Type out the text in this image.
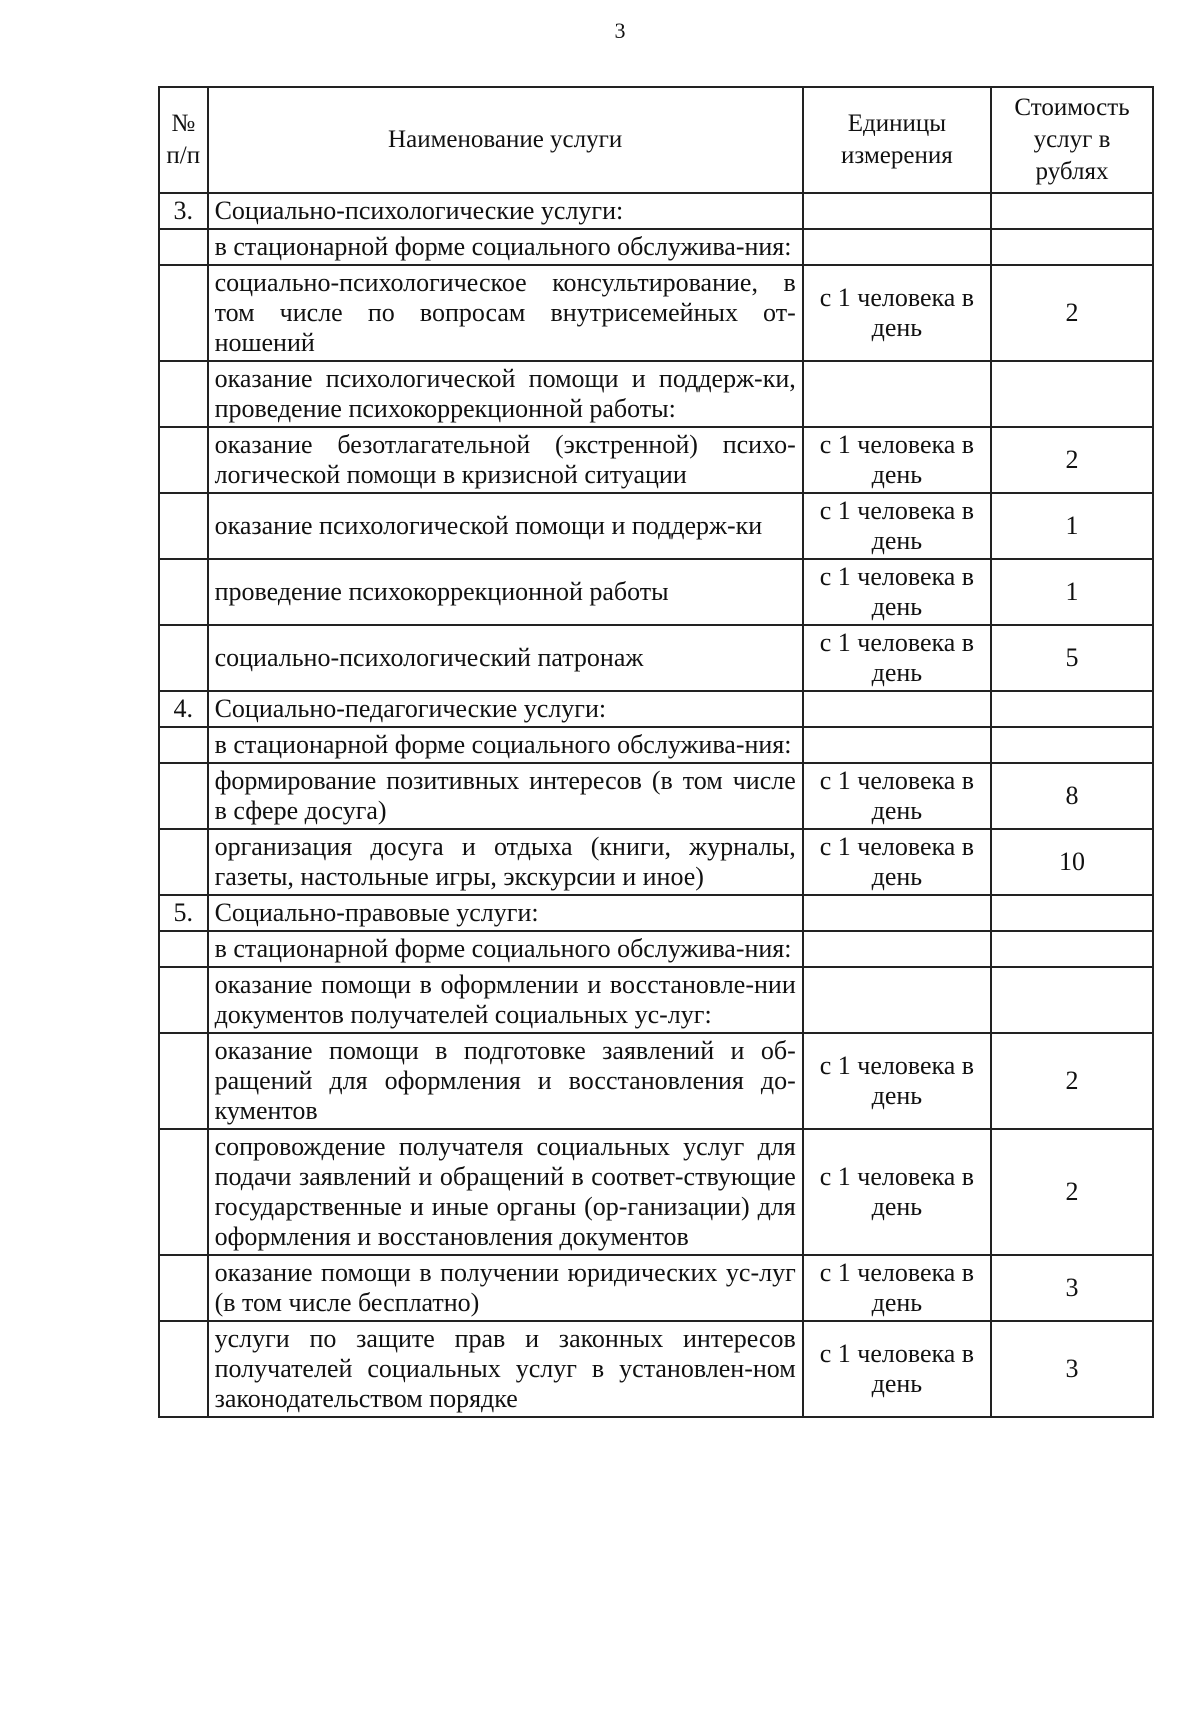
3
№ п/п	Наименование услуги	Единицы измерения	Стоимость услуг в рублях
3.	Социально-психологические услуги:		
	в стационарной форме социального обслужива-ния:		
	социально-психологическое консультирование, в том числе по вопросам внутрисемейных от-ношений	с 1 человека в день	2
	оказание психологической помощи и поддерж-ки, проведение психокоррекционной работы:		
	оказание безотлагательной (экстренной) психо-логической помощи в кризисной ситуации	с 1 человека в день	2
	оказание психологической помощи и поддерж-ки	с 1 человека в день	1
	проведение психокоррекционной работы	с 1 человека в день	1
	социально-психологический патронаж	с 1 человека в день	5
4.	Социально-педагогические услуги:		
	в стационарной форме социального обслужива-ния:		
	формирование позитивных интересов (в том числе в сфере досуга)	с 1 человека в день	8
	организация досуга и отдыха (книги, журналы, газеты, настольные игры, экскурсии и иное)	с 1 человека в день	10
5.	Социально-правовые услуги:		
	в стационарной форме социального обслужива-ния:		
	оказание помощи в оформлении и восстановле-нии документов получателей социальных ус-луг:		
	оказание помощи в подготовке заявлений и об-ращений для оформления и восстановления до-кументов	с 1 человека в день	2
	сопровождение получателя социальных услуг для подачи заявлений и обращений в соответ-ствующие государственные и иные органы (ор-ганизации) для оформления и восстановления документов	с 1 человека в день	2
	оказание помощи в получении юридических ус-луг (в том числе бесплатно)	с 1 человека в день	3
	услуги по защите прав и законных интересов получателей социальных услуг в установлен-ном законодательством порядке	с 1 человека в день	3
